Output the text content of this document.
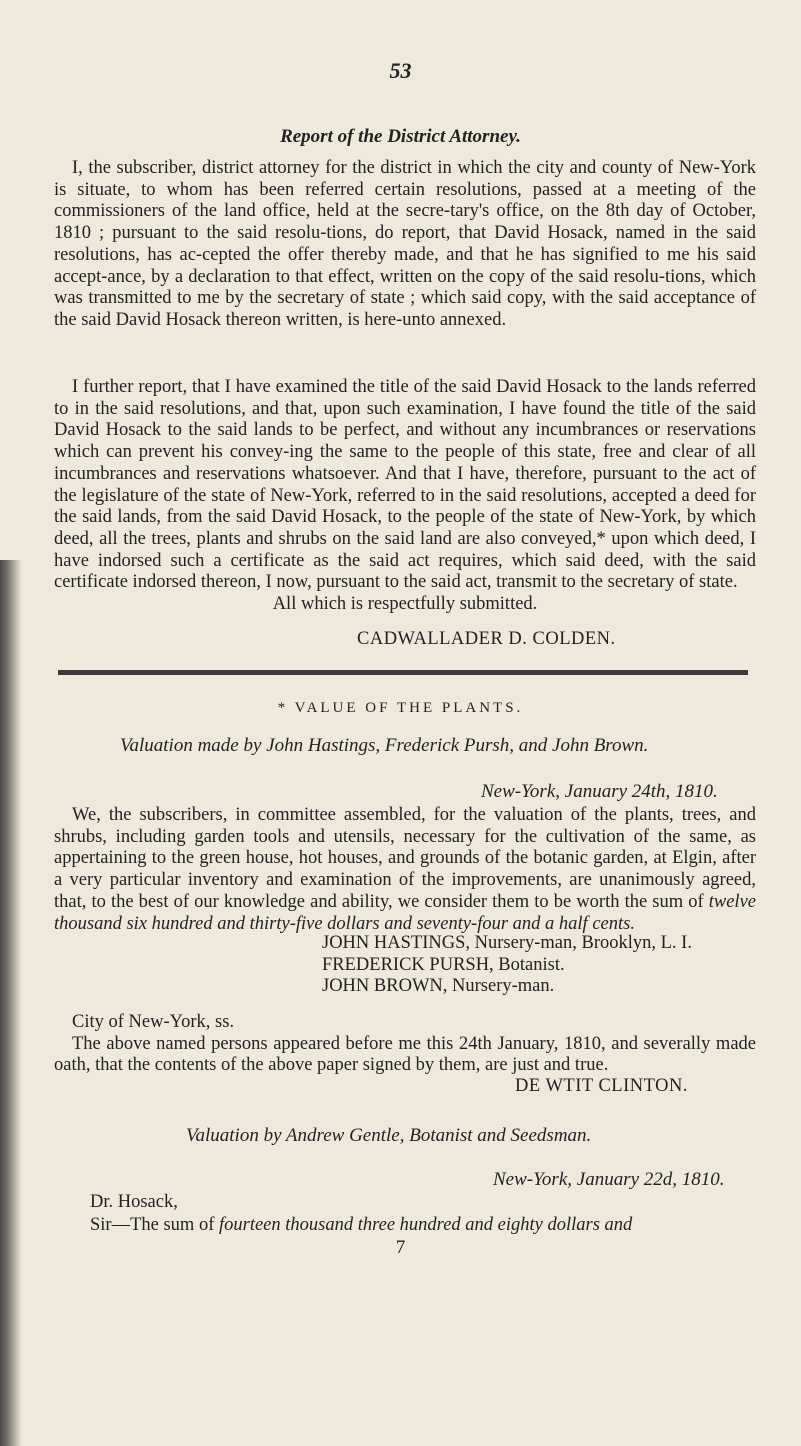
53
Report of the District Attorney.

I, the subscriber, district attorney for the district in which the city and county of New-York is situate, to whom has been referred certain resolutions, passed at a meeting of the commissioners of the land office, held at the secre-tary's office, on the 8th day of October, 1810 ; pursuant to the said resolu-tions, do report, that David Hosack, named in the said resolutions, has ac-cepted the offer thereby made, and that he has signified to me his said accept-ance, by a declaration to that effect, written on the copy of the said resolu-tions, which was transmitted to me by the secretary of state ; which said copy, with the said acceptance of the said David Hosack thereon written, is here-unto annexed.

I further report, that I have examined the title of the said David Hosack to the lands referred to in the said resolutions, and that, upon such examination, I have found the title of the said David Hosack to the said lands to be perfect, and without any incumbrances or reservations which can prevent his convey-ing the same to the people of this state, free and clear of all incumbrances and reservations whatsoever. And that I have, therefore, pursuant to the act of the legislature of the state of New-York, referred to in the said resolutions, accepted a deed for the said lands, from the said David Hosack, to the people of the state of New-York, by which deed, all the trees, plants and shrubs on the said land are also conveyed,* upon which deed, I have indorsed such a certificate as the said act requires, which said deed, with the said certificate indorsed thereon, I now, pursuant to the said act, transmit to the secretary of state.

All which is respectfully submitted.

CADWALLADER D. COLDEN.
* VALUE OF THE PLANTS.
Valuation made by John Hastings, Frederick Pursh, and John Brown.
New-York, January 24th, 1810.

We, the subscribers, in committee assembled, for the valuation of the plants, trees, and shrubs, including garden tools and utensils, necessary for the cultivation of the same, as appertaining to the green house, hot houses, and grounds of the botanic garden, at Elgin, after a very particular inventory and examination of the improvements, are unanimously agreed, that, to the best of our knowledge and ability, we consider them to be worth the sum of twelve thousand six hundred and thirty-five dollars and seventy-four and a half cents.

JOHN HASTINGS, Nursery-man, Brooklyn, L. I.
FREDERICK PURSH, Botanist.
JOHN BROWN, Nursery-man.

City of New-York, ss.

The above named persons appeared before me this 24th January, 1810, and severally made oath, that the contents of the above paper signed by them, are just and true.

DE WTIT CLINTON.
Valuation by Andrew Gentle, Botanist and Seedsman.
New-York, January 22d, 1810.
Dr. Hosack,
Sir—The sum of fourteen thousand three hundred and eighty dollars and
7
